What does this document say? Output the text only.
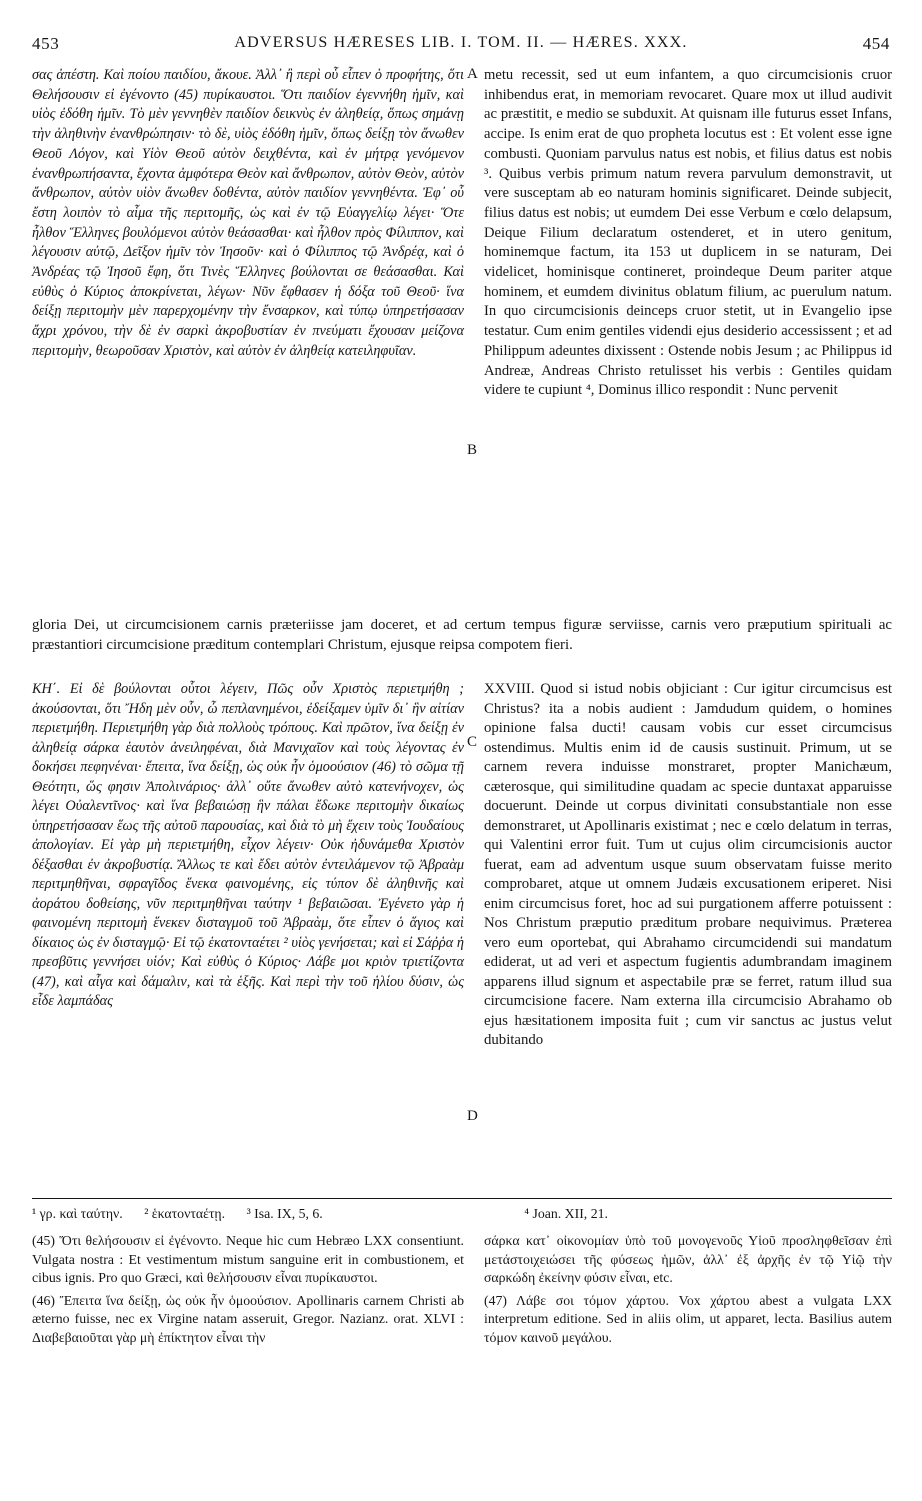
453	ADVERSUS HÆRESES LIB. I. TOM. II. — HÆRES. XXX.	454

σας ἀπέστη. Καὶ ποίου παιδίου, ἄκουε. Ἀλλ᾽ ἢ περὶ οὗ εἶπεν ὁ προφήτης, ὅτι Θελήσουσιν εἰ ἐγένοντο (45) πυρίκαυστοι. Ὅτι παιδίον ἐγεννήθη ἡμῖν, καὶ υἱὸς ἐδόθη ἡμῖν. Τὸ μὲν γεννηθὲν παιδίον δεικνὺς ἐν ἀληθείᾳ, ὅπως σημάνῃ τὴν ἀληθινὴν ἐνανθρώπησιν· τὸ δὲ, υἱὸς ἐδόθη ἡμῖν, ὅπως δείξῃ τὸν ἄνωθεν Θεοῦ Λόγον, καὶ Υἱὸν Θεοῦ αὐτὸν δειχθέντα, καὶ ἐν μήτρᾳ γενόμενον ἐνανθρωπήσαντα, ἔχοντα ἀμφότερα Θεὸν καὶ ἄνθρωπον, αὐτὸν Θεὸν, αὐτὸν ἄνθρωπον, αὐτὸν υἱὸν ἄνωθεν δοθέντα, αὐτὸν παιδίον γεννηθέντα. Ἐφ᾽ οὗ ἔστη λοιπὸν τὸ αἷμα τῆς περιτομῆς, ὡς καὶ ἐν τῷ Εὐαγγελίῳ λέγει· Ὅτε ἦλθον Ἕλληνες βουλόμενοι αὐτὸν θεάσασθαι· καὶ ἦλθον πρὸς Φίλιππον, καὶ λέγουσιν αὐτῷ, Δεῖξον ἡμῖν τὸν Ἰησοῦν· καὶ ὁ Φίλιππος τῷ Ἀνδρέᾳ, καὶ ὁ Ἀνδρέας τῷ Ἰησοῦ ἔφη, ὅτι Τινὲς Ἕλληνες βούλονται σε θεάσασθαι. Καὶ εὐθὺς ὁ Κύριος ἀποκρίνεται, λέγων· Νῦν ἔφθασεν ἡ δόξα τοῦ Θεοῦ· ἵνα δείξῃ περιτομὴν μὲν παρερχομένην τὴν ἔνσαρκον, καὶ τύπῳ ὑπηρετήσασαν ἄχρι χρόνου, τὴν δὲ ἐν σαρκὶ ἀκροβυστίαν ἐν πνεύματι ἔχουσαν μείζονα περιτομὴν, θεωροῦσαν Χριστὸν, καὶ αὐτὸν ἐν ἀληθείᾳ κατειληφυῖαν.

metu recessit, sed ut eum infantem, a quo circumcisionis cruor inhibendus erat, in memoriam revocaret. Quare mox ut illud audivit ac præstitit, e medio se subduxit. At quisnam ille futurus esset Infans, accipe. Is enim erat de quo propheta locutus est : Et volent esse igne combusti. Quoniam parvulus natus est nobis, et filius datus est nobis ³. Quibus verbis primum natum revera parvulum demonstravit, ut vere susceptam ab eo naturam hominis significaret. Deinde subjecit, filius datus est nobis; ut eumdem Dei esse Verbum e cœlo delapsum, Deique Filium declaratum ostenderet, et in utero genitum, hominemque factum, ita 153 ut duplicem in se naturam, Dei videlicet, hominisque contineret, proindeque Deum pariter atque hominem, et eumdem divinitus oblatum filium, ac puerulum natum. In quo circumcisionis deinceps cruor stetit, ut in Evangelio ipse testatur. Cum enim gentiles videndi ejus desiderio accessissent ; et ad Philippum adeuntes dixissent : Ostende nobis Jesum ; ac Philippus id Andreæ, Andreas Christo retulisset his verbis : Gentiles quidam videre te cupiunt ⁴, Dominus illico respondit : Nunc pervenit

A
B
C
D

gloria Dei, ut circumcisionem carnis præteriisse jam doceret, et ad certum tempus figuræ serviisse, carnis vero præputium spirituali ac præstantiori circumcisione præditum contemplari Christum, ejusque reipsa compotem fieri.

ΚΗ΄. Εἰ δὲ βούλονται οὗτοι λέγειν, Πῶς οὖν Χριστὸς περιετμήθη ; ἀκούσονται, ὅτι Ἤδη μὲν οὖν, ὦ πεπλανημένοι, ἐδείξαμεν ὑμῖν δι᾽ ἣν αἰτίαν περιετμήθη. Περιετμήθη γὰρ διὰ πολλοὺς τρόπους. Καὶ πρῶτον, ἵνα δείξῃ ἐν ἀληθείᾳ σάρκα ἑαυτὸν ἀνειληφέναι, διὰ Μανιχαῖον καὶ τοὺς λέγοντας ἐν δοκήσει πεφηνέναι· ἔπειτα, ἵνα δείξῃ, ὡς οὐκ ἦν ὁμοούσιον (46) τὸ σῶμα τῇ Θεότητι, ὥς φησιν Ἀπολινάριος· ἀλλ᾽ οὔτε ἄνωθεν αὐτὸ κατενήνοχεν, ὡς λέγει Οὐαλεντῖνος· καὶ ἵνα βεβαιώσῃ ἣν πάλαι ἔδωκε περιτομὴν δικαίως ὑπηρετήσασαν ἕως τῆς αὐτοῦ παρουσίας, καὶ διὰ τὸ μὴ ἔχειν τοὺς Ἰουδαίους ἀπολογίαν. Εἰ γὰρ μὴ περιετμήθη, εἶχον λέγειν· Οὐκ ἠδυνάμεθα Χριστὸν δέξασθαι ἐν ἀκροβυστίᾳ. Ἄλλως τε καὶ ἔδει αὐτὸν ἐντειλάμενον τῷ Ἀβραὰμ περιτμηθῆναι, σφραγῖδος ἕνεκα φαινομένης, εἰς τύπον δὲ ἀληθινῆς καὶ ἀοράτου δοθείσης, νῦν περιτμηθῆναι ταύτην ¹ βεβαιῶσαι. Ἐγένετο γὰρ ἡ φαινομένη περιτομὴ ἕνεκεν δισταγμοῦ τοῦ Ἀβραὰμ, ὅτε εἶπεν ὁ ἅγιος καὶ δίκαιος ὡς ἐν δισταγμῷ· Εἰ τῷ ἑκατονταέτει ² υἱὸς γενήσεται; καὶ εἰ Σάῤῥα ἡ πρεσβῦτις γεννήσει υἱόν; Καὶ εὐθὺς ὁ Κύριος· Λάβε μοι κριὸν τριετίζοντα (47), καὶ αἶγα καὶ δάμαλιν, καὶ τὰ ἑξῆς. Καὶ περὶ τὴν τοῦ ἡλίου δύσιν, ὡς εἶδε λαμπάδας

XXVIII. Quod si istud nobis objiciant : Cur igitur circumcisus est Christus? ita a nobis audient : Jamdudum quidem, o homines opinione falsa ducti! causam vobis cur esset circumcisus ostendimus. Multis enim id de causis sustinuit. Primum, ut se carnem revera induisse monstraret, propter Manichæum, cæterosque, qui similitudine quadam ac specie duntaxat apparuisse docuerunt. Deinde ut corpus divinitati consubstantiale non esse demonstraret, ut Apollinaris existimat ; nec e cœlo delatum in terras, qui Valentini error fuit. Tum ut cujus olim circumcisionis auctor fuerat, eam ad adventum usque suum observatam fuisse merito comprobaret, atque ut omnem Judæis excusationem eriperet. Nisi enim circumcisus foret, hoc ad sui purgationem afferre potuissent : Nos Christum præputio præditum probare nequivimus. Præterea vero eum oportebat, qui Abrahamo circumcidendi sui mandatum ediderat, ut ad veri et aspectum fugientis adumbrandam imaginem apparens illud signum et aspectabile præ se ferret, ratum illud sua circumcisione facere. Nam externa illa circumcisio Abrahamo ob ejus hæsitationem imposita fuit ; cum vir sanctus ac justus velut dubitando

¹ γρ. καὶ ταύτην. ² ἑκατονταέτῃ. ³ Isa. IX, 5, 6.	⁴ Joan. XII, 21.

(45) Ὅτι θελήσουσιν εἰ ἐγένοντο. Neque hic cum Hebræo LXX consentiunt. Vulgata nostra : Et vestimentum mistum sanguine erit in combustionem, et cibus ignis. Pro quo Græci, καὶ θελήσουσιν εἶναι πυρίκαυστοι.

(46) Ἔπειτα ἵνα δείξῃ, ὡς οὐκ ἦν ὁμοούσιον. Apollinaris carnem Christi ab æterno fuisse, nec ex Virgine natam asseruit, Gregor. Nazianz. orat. XLVI : Διαβεβαιοῦται γὰρ μὴ ἐπίκτητον εἶναι τὴν

σάρκα κατ᾽ οἰκονομίαν ὑπὸ τοῦ μονογενοῦς Υἱοῦ προσληφθεῖσαν ἐπὶ μετάστοιχειώσει τῆς φύσεως ἡμῶν, ἀλλ᾽ ἐξ ἀρχῆς ἐν τῷ Υἱῷ τὴν σαρκώδη ἐκείνην φύσιν εἶναι, etc.

(47) Λάβε σοι τόμον χάρτου. Vox χάρτου abest a vulgata LXX interpretum editione. Sed in aliis olim, ut apparet, lecta. Basilius autem τόμον καινοῦ μεγάλου.
